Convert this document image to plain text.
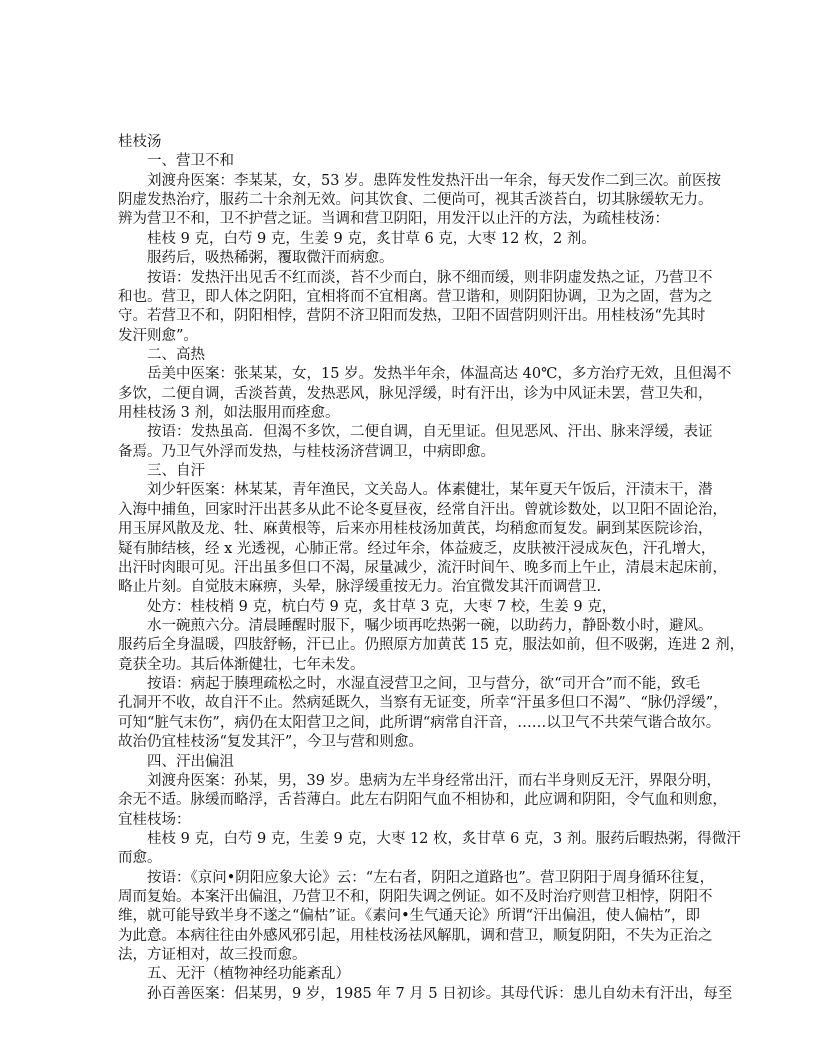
桂枝汤
一、营卫不和
刘渡舟医案：李某某，女，53 岁。患阵发性发热汗出一年余，每天发作二到三次。前医按
阴虚发热治疗，服药二十余剂无效。问其饮食、二便尚可，视其舌淡苔白，切其脉缓软无力。
辨为营卫不和，卫不护营之证。当调和营卫阴阳，用发汗以止汗的方法，为疏桂枝汤：
桂枝 9 克，白芍 9 克，生姜 9 克，炙甘草 6 克，大枣 12 枚，2 剂。
服药后，吸热稀粥，覆取微汗而病愈。
按语：发热汗出见舌不红而淡，苔不少而白，脉不细而缓，则非阴虚发热之证，乃营卫不
和也。营卫，即人体之阴阳，宜相将而不宜相离。营卫谐和，则阴阳协调，卫为之固，营为之
守。若营卫不和，阴阳相悖，营阴不济卫阳而发热，卫阳不固营阴则汗出。用桂枝汤“先其时
发汗则愈”。
二、高热
岳美中医案：张某某，女，15 岁。发热半年余，体温高达 40℃，多方治疗无效，且但渴不
多饮，二便自调，舌淡苔黄，发热恶风，脉见浮缓，时有汗出，诊为中风证未罢，营卫失和，
用桂枝汤 3 剂，如法服用而痊愈。
按语：发热虽高．但渴不多饮，二便自调，自无里证。但见恶风、汗出、脉来浮缓，表证
备焉。乃卫气外浮而发热，与桂枝汤济营调卫，中病即愈。
三、自汗
刘少轩医案：林某某，青年渔民，文关岛人。体素健壮，某年夏天午饭后，汗渍末干，潜
入海中捕鱼，回家时汗出甚多从此不论冬夏昼夜，经常自汗出。曾就诊数处，以卫阳不固论治，
用玉屏风散及龙、牡、麻黄根等，后来亦用桂枝汤加黄芪，均稍愈而复发。嗣到某医院诊治，
疑有肺结核，经 x 光透视，心肺正常。经过年余，体益疲乏，皮肤被汗浸成灰色，汗孔增大，
出汗时肉眼可见。汗出虽多但口不渴，尿量减少，流汗时间午、晚多而上午止，清晨末起床前，
略止片刻。自觉肢末麻痹，头晕，脉浮缓重按无力。治宜微发其汗而调营卫.
处方：桂枝梢 9 克，杭白芍 9 克，炙甘草 3 克，大枣 7 校，生姜 9 克，
水一碗煎六分。清晨睡醒时服下，嘱少顷再吃热粥一碗，以助药力，静卧数小时，避风。
服药后全身温暖，四肢舒畅，汗已止。仍照原方加黄芪 15 克，服法如前，但不吸粥，连进 2 剂，
竟获全功。其后体渐健壮，七年未发。
按语：病起于腠理疏松之时，水湿直浸营卫之间，卫与营分，欲“司开合”而不能，致毛
孔洞开不收，故自汗不止。然病延既久，当察有无证变，所幸“汗虽多但口不渴”、“脉仍浮缓”，
可知“脏气末伤”，病仍在太阳营卫之间，此所谓“病常自汗音，……以卫气不共荣气谐合故尔。
故治仍宜桂枝汤“复发其汗”，今卫与营和则愈。
四、汗出偏沮
刘渡舟医案：孙某，男，39 岁。患病为左半身经常出汗，而右半身则反无汗，界限分明，
余无不适。脉缓而略浮，舌苔薄白。此左右阴阳气血不相协和，此应调和阴阳，令气血和则愈，
宜桂枝场：
桂枝 9 克，白芍 9 克，生姜 9 克，大枣 12 枚，炙甘草 6 克，3 剂。服药后暇热粥，得微汗
而愈。
按语：《京问•阴阳应象大论》云：“左右者，阴阳之道路也”。营卫阴阳于周身循环往复，
周而复始。本案汗出偏沮，乃营卫不和，阴阳失调之例证。如不及时治疗则营卫相悖，阴阳不
维，就可能导致半身不遂之“偏枯”证。《素问•生气通天论》所谓“汗出偏沮，使人偏枯”，即
为此意。本病往往由外感风邪引起，用桂枝汤祛风解肌，调和营卫，顺复阴阳，不失为正治之
法，方证相对，故三投而愈。
五、无汗（植物神经功能紊乱）
孙百善医案：侣某男，9 岁，1985 年 7 月 5 日初诊。其母代诉：患儿自幼未有汗出，每至
